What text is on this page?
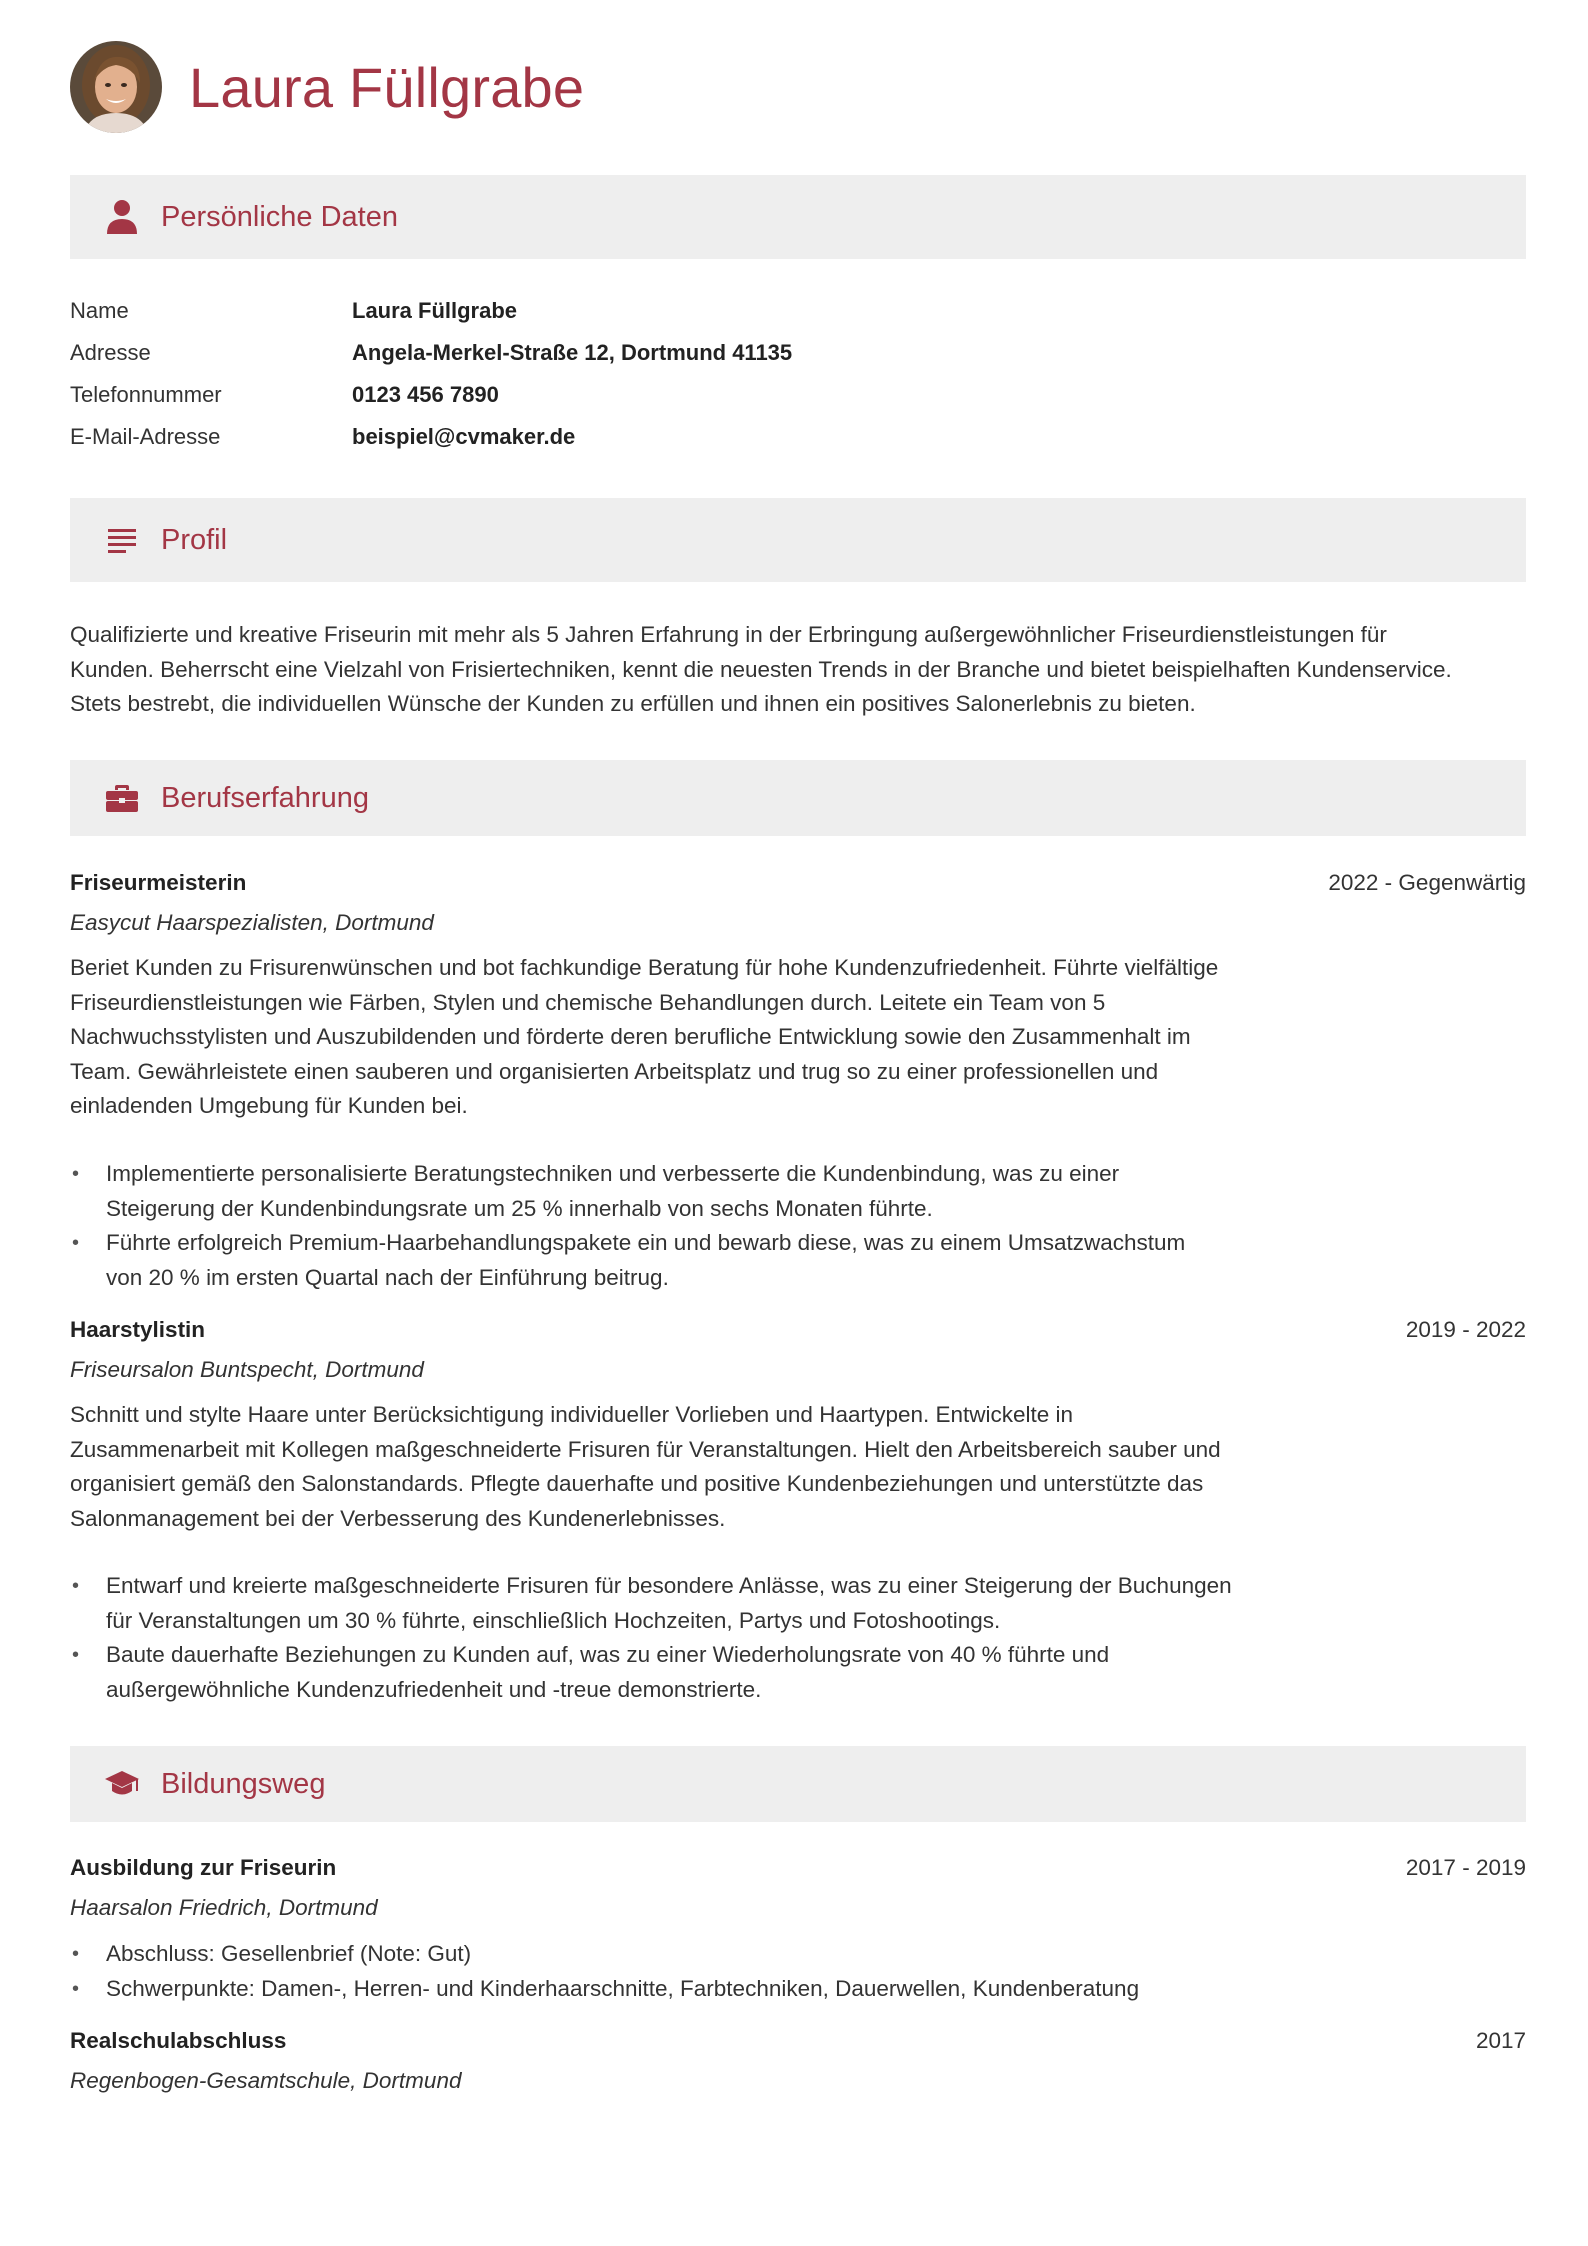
Laura Füllgrabe
Persönliche Daten
Name	Laura Füllgrabe
Adresse	Angela-Merkel-Straße 12, Dortmund 41135
Telefonnummer	0123 456 7890
E-Mail-Adresse	beispiel@cvmaker.de
Profil
Qualifizierte und kreative Friseurin mit mehr als 5 Jahren Erfahrung in der Erbringung außergewöhnlicher Friseurdienstleistungen für
Kunden. Beherrscht eine Vielzahl von Frisiertechniken, kennt die neuesten Trends in der Branche und bietet beispielhaften Kundenservice.
Stets bestrebt, die individuellen Wünsche der Kunden zu erfüllen und ihnen ein positives Salonerlebnis zu bieten.
Berufserfahrung
Friseurmeisterin	2022 - Gegenwärtig
Easycut Haarspezialisten, Dortmund
Beriet Kunden zu Frisurenwünschen und bot fachkundige Beratung für hohe Kundenzufriedenheit. Führte vielfältige
Friseurdienstleistungen wie Färben, Stylen und chemische Behandlungen durch. Leitete ein Team von 5
Nachwuchsstylisten und Auszubildenden und förderte deren berufliche Entwicklung sowie den Zusammenhalt im
Team. Gewährleistete einen sauberen und organisierten Arbeitsplatz und trug so zu einer professionellen und
einladenden Umgebung für Kunden bei.
• Implementierte personalisierte Beratungstechniken und verbesserte die Kundenbindung, was zu einer
Steigerung der Kundenbindungsrate um 25 % innerhalb von sechs Monaten führte.
• Führte erfolgreich Premium-Haarbehandlungspakete ein und bewarb diese, was zu einem Umsatzwachstum
von 20 % im ersten Quartal nach der Einführung beitrug.
Haarstylistin	2019 - 2022
Friseursalon Buntspecht, Dortmund
Schnitt und stylte Haare unter Berücksichtigung individueller Vorlieben und Haartypen. Entwickelte in
Zusammenarbeit mit Kollegen maßgeschneiderte Frisuren für Veranstaltungen. Hielt den Arbeitsbereich sauber und
organisiert gemäß den Salonstandards. Pflegte dauerhafte und positive Kundenbeziehungen und unterstützte das
Salonmanagement bei der Verbesserung des Kundenerlebnisses.
• Entwarf und kreierte maßgeschneiderte Frisuren für besondere Anlässe, was zu einer Steigerung der Buchungen
für Veranstaltungen um 30 % führte, einschließlich Hochzeiten, Partys und Fotoshootings.
• Baute dauerhafte Beziehungen zu Kunden auf, was zu einer Wiederholungsrate von 40 % führte und
außergewöhnliche Kundenzufriedenheit und -treue demonstrierte.
Bildungsweg
Ausbildung zur Friseurin	2017 - 2019
Haarsalon Friedrich, Dortmund
• Abschluss: Gesellenbrief (Note: Gut)
• Schwerpunkte: Damen-, Herren- und Kinderhaarschnitte, Farbtechniken, Dauerwellen, Kundenberatung
Realschulabschluss	2017
Regenbogen-Gesamtschule, Dortmund
